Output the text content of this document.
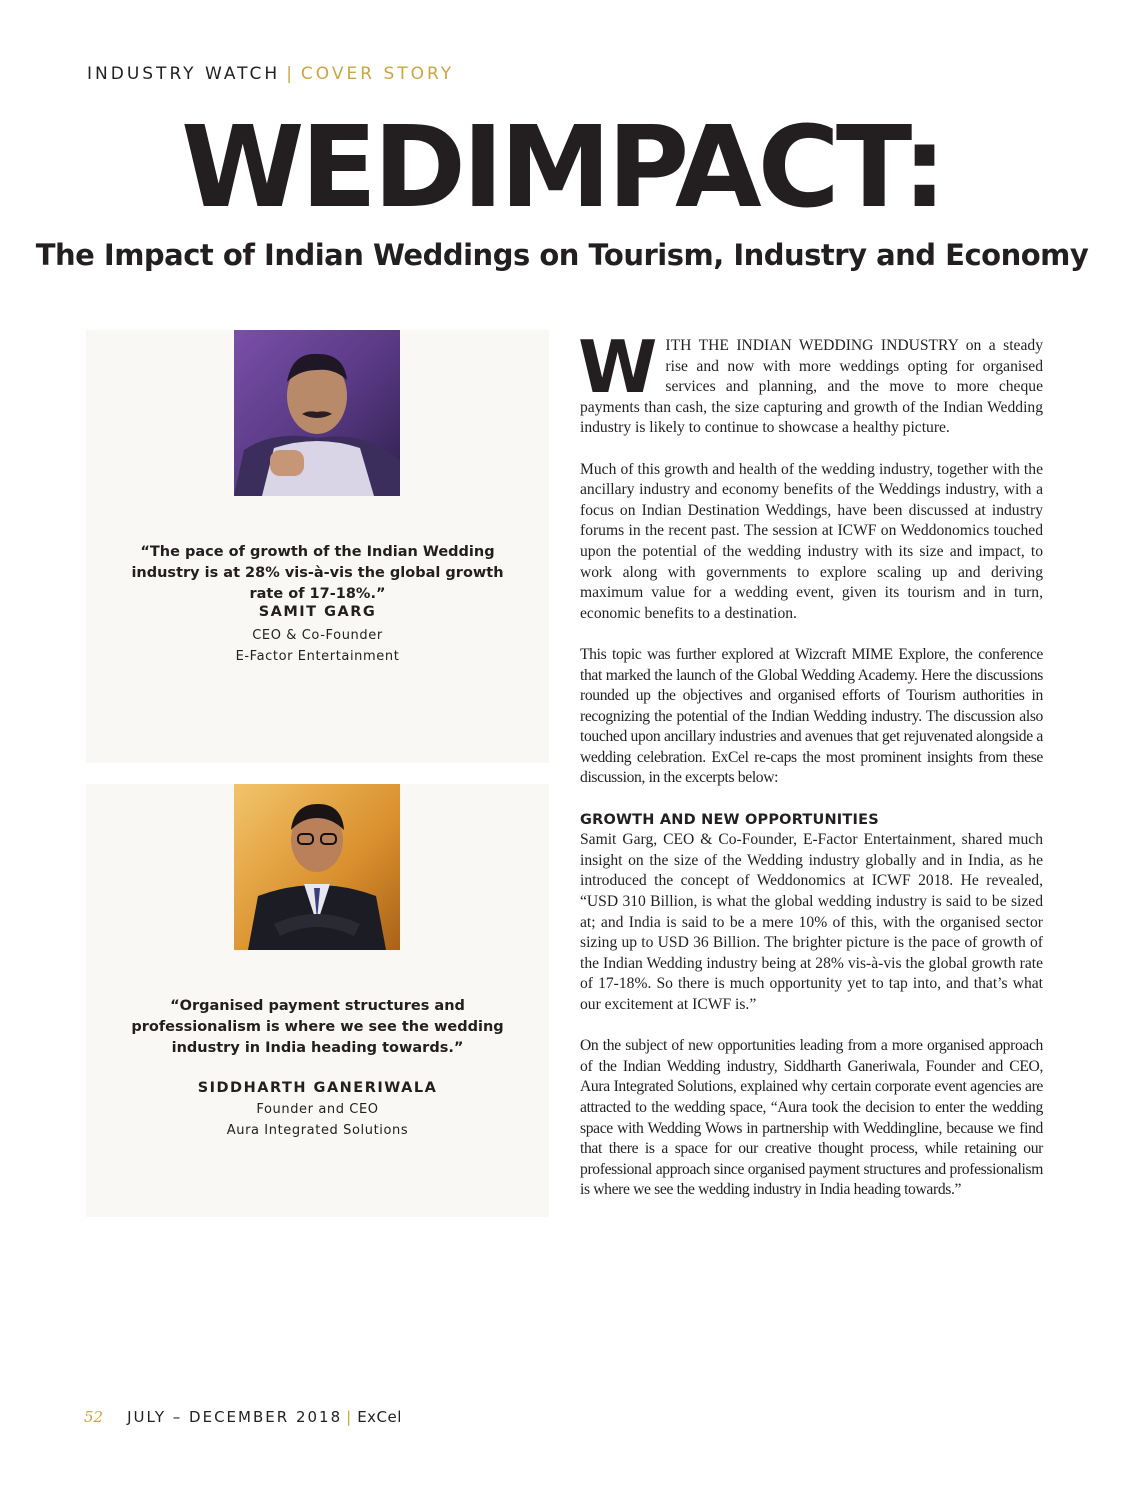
INDUSTRY WATCH | COVER STORY
WEDIMPACT:
The Impact of Indian Weddings on Tourism, Industry and Economy
“The pace of growth of the Indian Wedding industry is at 28% vis-à-vis the global growth rate of 17-18%.”
SAMIT GARG
CEO & Co-Founder
E-Factor Entertainment
“Organised payment structures and professionalism is where we see the wedding industry in India heading towards.”
SIDDHARTH GANERIWALA
Founder and CEO
Aura Integrated Solutions

WITH THE INDIAN WEDDING INDUSTRY on a steady rise and now with more weddings opting for organised services and planning, and the move to more cheque payments than cash, the size capturing and growth of the Indian Wedding industry is likely to continue to showcase a healthy picture.

Much of this growth and health of the wedding industry, together with the ancillary industry and economy benefits of the Weddings industry, with a focus on Indian Destination Weddings, have been discussed at industry forums in the recent past. The session at ICWF on Weddonomics touched upon the potential of the wedding industry with its size and impact, to work along with governments to explore scaling up and deriving maximum value for a wedding event, given its tourism and in turn, economic benefits to a destination.

This topic was further explored at Wizcraft MIME Explore, the conference that marked the launch of the Global Wedding Academy. Here the discussions rounded up the objectives and organised efforts of Tourism authorities in recognizing the potential of the Indian Wedding industry. The discussion also touched upon ancillary industries and avenues that get rejuvenated alongside a wedding celebration. ExCel re-caps the most prominent insights from these discussion, in the excerpts below:

GROWTH AND NEW OPPORTUNITIES

Samit Garg, CEO & Co-Founder, E-Factor Entertainment, shared much insight on the size of the Wedding industry globally and in India, as he introduced the concept of Weddonomics at ICWF 2018. He revealed, “USD 310 Billion, is what the global wedding industry is said to be sized at; and India is said to be a mere 10% of this, with the organised sector sizing up to USD 36 Billion. The brighter picture is the pace of growth of the Indian Wedding industry being at 28% vis-à-vis the global growth rate of 17-18%. So there is much opportunity yet to tap into, and that’s what our excitement at ICWF is.”

On the subject of new opportunities leading from a more organised approach of the Indian Wedding industry, Siddharth Ganeriwala, Founder and CEO, Aura Integrated Solutions, explained why certain corporate event agencies are attracted to the wedding space, “Aura took the decision to enter the wedding space with Wedding Wows in partnership with Weddingline, because we find that there is a space for our creative thought process, while retaining our professional approach since organised payment structures and professionalism is where we see the wedding industry in India heading towards.”

52 JULY – DECEMBER 2018 | ExCel
